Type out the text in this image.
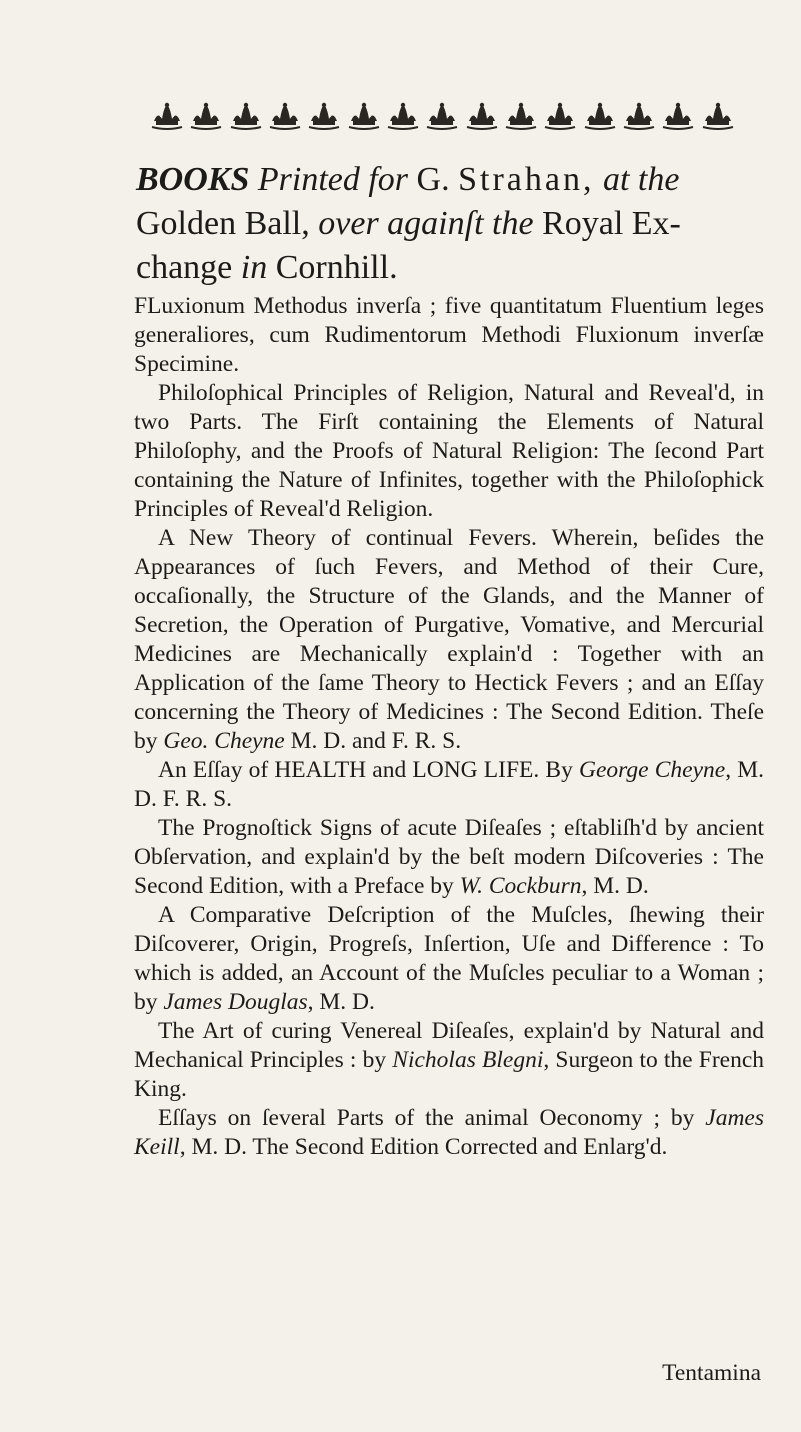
BOOKS Printed for G. Strahan, at the
Golden Ball, over againſt the Royal Ex-change in Cornhill.

FLuxionum Methodus inverſa ; five quantitatum Fluentium leges generaliores, cum Rudimentorum Methodi Fluxionum inverſæ Specimine.

Philoſophical Principles of Religion, Natural and Reveal'd, in two Parts. The Firſt containing the Elements of Natural Philoſophy, and the Proofs of Natural Religion: The ſecond Part containing the Nature of Infinites, together with the Philoſophick Principles of Reveal'd Religion.

A New Theory of continual Fevers. Wherein, beſides the Appearances of ſuch Fevers, and Method of their Cure, occaſionally, the Structure of the Glands, and the Manner of Secretion, the Operation of Purgative, Vomative, and Mercurial Medicines are Mechanically explain'd : Together with an Application of the ſame Theory to Hectick Fevers ; and an Eſſay concerning the Theory of Medicines : The Second Edition. Theſe by Geo. Cheyne M. D. and F. R. S.

An Eſſay of HEALTH and LONG LIFE. By George Cheyne, M. D. F. R. S.

The Prognoſtick Signs of acute Diſeaſes ; eſtabliſh'd by ancient Obſervation, and explain'd by the beſt modern Diſcoveries : The Second Edition, with a Preface by W. Cockburn, M. D.

A Comparative Deſcription of the Muſcles, ſhewing their Diſcoverer, Origin, Progreſs, Inſertion, Uſe and Difference : To which is added, an Account of the Muſcles peculiar to a Woman ; by James Douglas, M. D.

The Art of curing Venereal Diſeaſes, explain'd by Natural and Mechanical Principles : by Nicholas Blegni, Surgeon to the French King.

Eſſays on ſeveral Parts of the animal Oeconomy ; by James Keill, M. D. The Second Edition Corrected and Enlarg'd.

Tentamina
